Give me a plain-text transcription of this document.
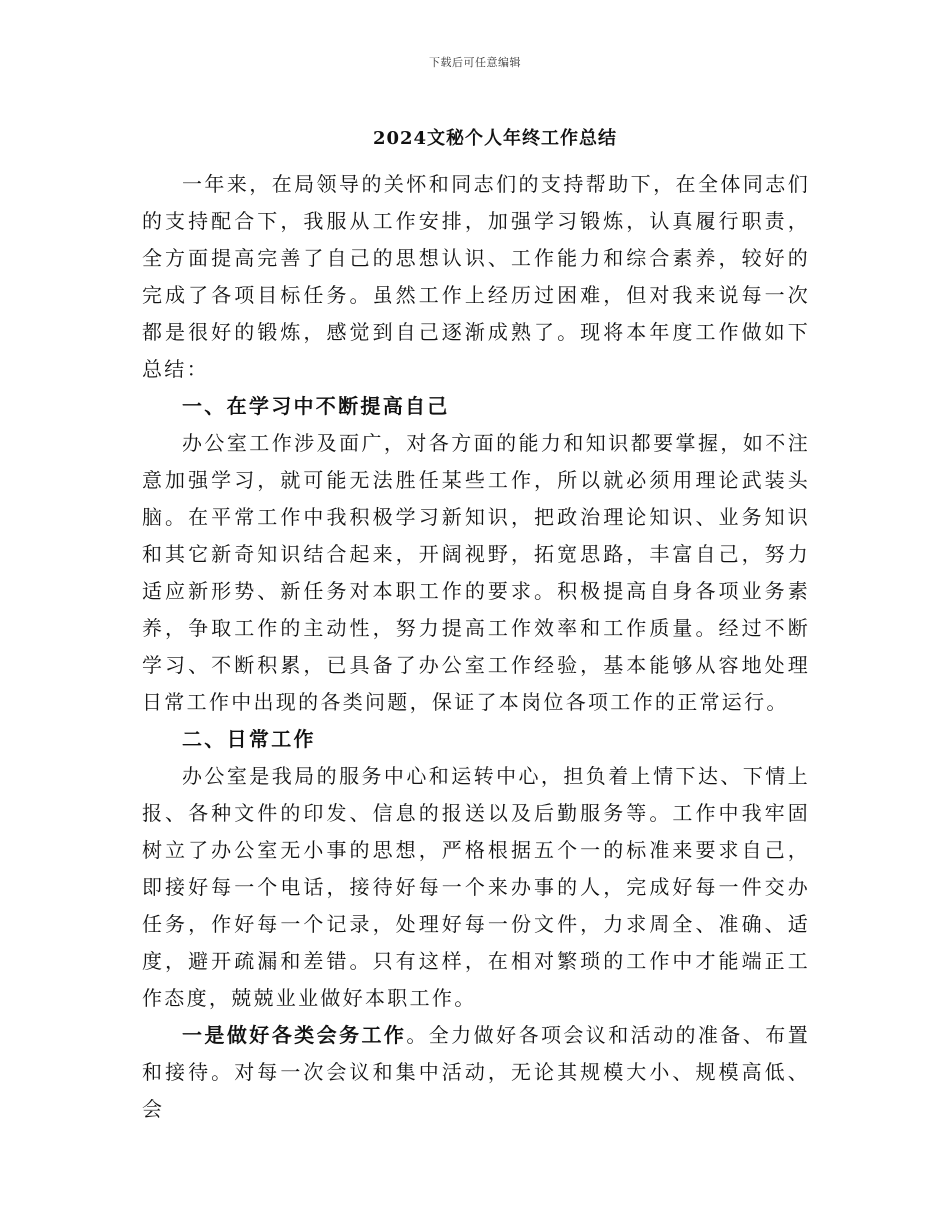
下载后可任意编辑
2024文秘个人年终工作总结

一年来，在局领导的关怀和同志们的支持帮助下，在全体同志们的支持配合下，我服从工作安排，加强学习锻炼，认真履行职责，全方面提高完善了自己的思想认识、工作能力和综合素养，较好的完成了各项目标任务。虽然工作上经历过困难，但对我来说每一次都是很好的锻炼，感觉到自己逐渐成熟了。现将本年度工作做如下总结：

一、在学习中不断提高自己

办公室工作涉及面广，对各方面的能力和知识都要掌握，如不注意加强学习，就可能无法胜任某些工作，所以就必须用理论武装头脑。在平常工作中我积极学习新知识，把政治理论知识、业务知识和其它新奇知识结合起来，开阔视野，拓宽思路，丰富自己，努力适应新形势、新任务对本职工作的要求。积极提高自身各项业务素养，争取工作的主动性，努力提高工作效率和工作质量。经过不断学习、不断积累，已具备了办公室工作经验，基本能够从容地处理日常工作中出现的各类问题，保证了本岗位各项工作的正常运行。

二、日常工作

办公室是我局的服务中心和运转中心，担负着上情下达、下情上报、各种文件的印发、信息的报送以及后勤服务等。工作中我牢固树立了办公室无小事的思想，严格根据五个一的标准来要求自己，即接好每一个电话，接待好每一个来办事的人，完成好每一件交办任务，作好每一个记录，处理好每一份文件，力求周全、准确、适度，避开疏漏和差错。只有这样，在相对繁琐的工作中才能端正工作态度，兢兢业业做好本职工作。

一是做好各类会务工作。全力做好各项会议和活动的准备、布置和接待。对每一次会议和集中活动，无论其规模大小、规模高低、会
